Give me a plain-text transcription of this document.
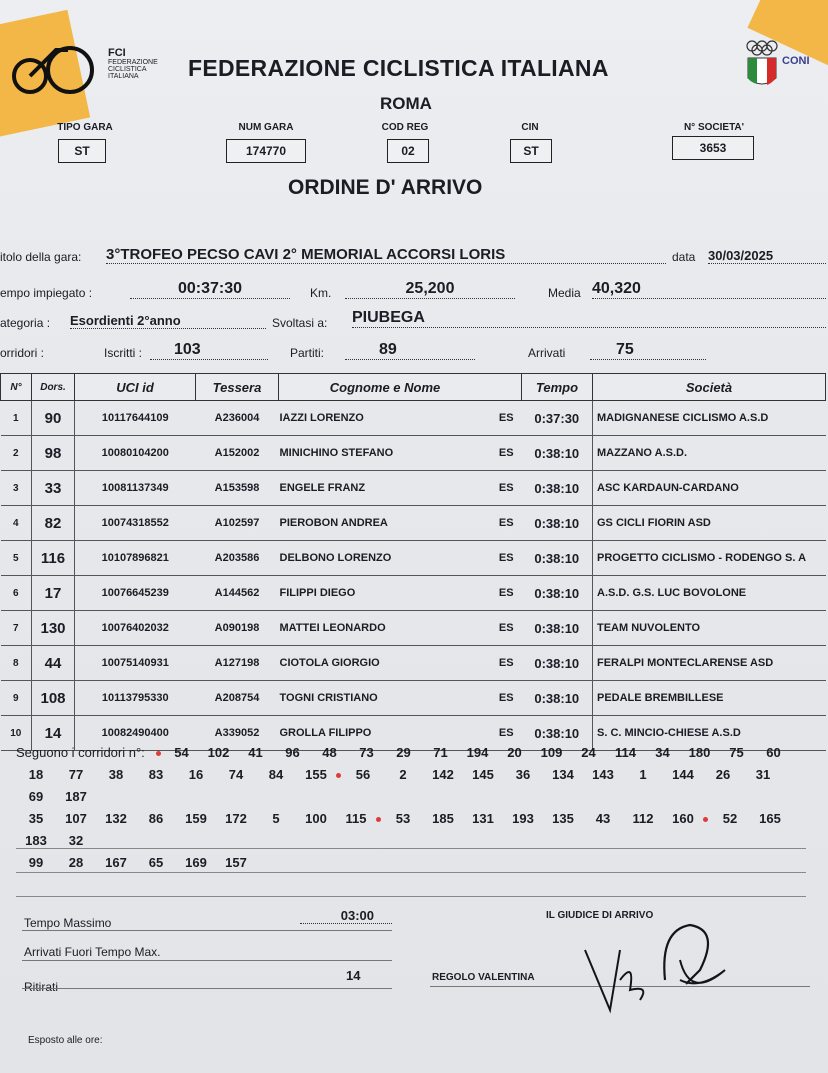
FCI
FEDERAZIONE
CICLISTICA
ITALIANA	FEDERAZIONE CICLISTICA ITALIANA	CONI
ROMA
TIPO GARA
ST
NUM GARA
174770
COD REG
02
CIN
ST
N° SOCIETA'
3653
ORDINE D' ARRIVO
itolo della gara: 3°TROFEO PECSO CAVI 2° MEMORIAL ACCORSI LORIS	data 30/03/2025
empo impiegato :	00:37:30	Km.	25,200	Media 40,320
ategoria : Esordienti 2°anno	Svoltasi a: PIUBEGA
orridori :	Iscritti :	103	Partiti:	89	Arrivati	75
N°	Dors.	UCI id	Tessera	Cognome e Nome		Tempo	Società
1	90	10117644109	A236004	IAZZI LORENZO	ES	0:37:30	MADIGNANESE CICLISMO A.S.D
2	98	10080104200	A152002	MINICHINO STEFANO	ES	0:38:10	MAZZANO A.S.D.
3	33	10081137349	A153598	ENGELE FRANZ	ES	0:38:10	ASC KARDAUN-CARDANO
4	82	10074318552	A102597	PIEROBON ANDREA	ES	0:38:10	GS CICLI FIORIN ASD
5	116	10107896821	A203586	DELBONO LORENZO	ES	0:38:10	PROGETTO CICLISMO - RODENGO S. A
6	17	10076645239	A144562	FILIPPI DIEGO	ES	0:38:10	A.S.D. G.S. LUC BOVOLONE
7	130	10076402032	A090198	MATTEI LEONARDO	ES	0:38:10	TEAM NUVOLENTO
8	44	10075140931	A127198	CIOTOLA GIORGIO	ES	0:38:10	FERALPI MONTECLARENSE ASD
9	108	10113795330	A208754	TOGNI CRISTIANO	ES	0:38:10	PEDALE BREMBILLESE
10	14	10082490400	A339052	GROLLA FILIPPO	ES	0:38:10	S. C. MINCIO-CHIESE A.S.D
Seguono i corridori n°: 54 102 41 96 48 73 29 71 194 20 109 24 114 34 180 75 60
18 77 38 83 16 74 84 155 56 2 142 145 36 134 143 1 144 26 3169 187
35 107 132 86 159 172 5 100 115 53 185 131 193 135 43 112 160 52 165183 32
99 28 167 65 169 157
Tempo Massimo	03:00
Arrivati Fuori Tempo Max.
Ritirati
14
IL GIUDICE DI ARRIVO
REGOLO VALENTINA
Esposto alle ore:
